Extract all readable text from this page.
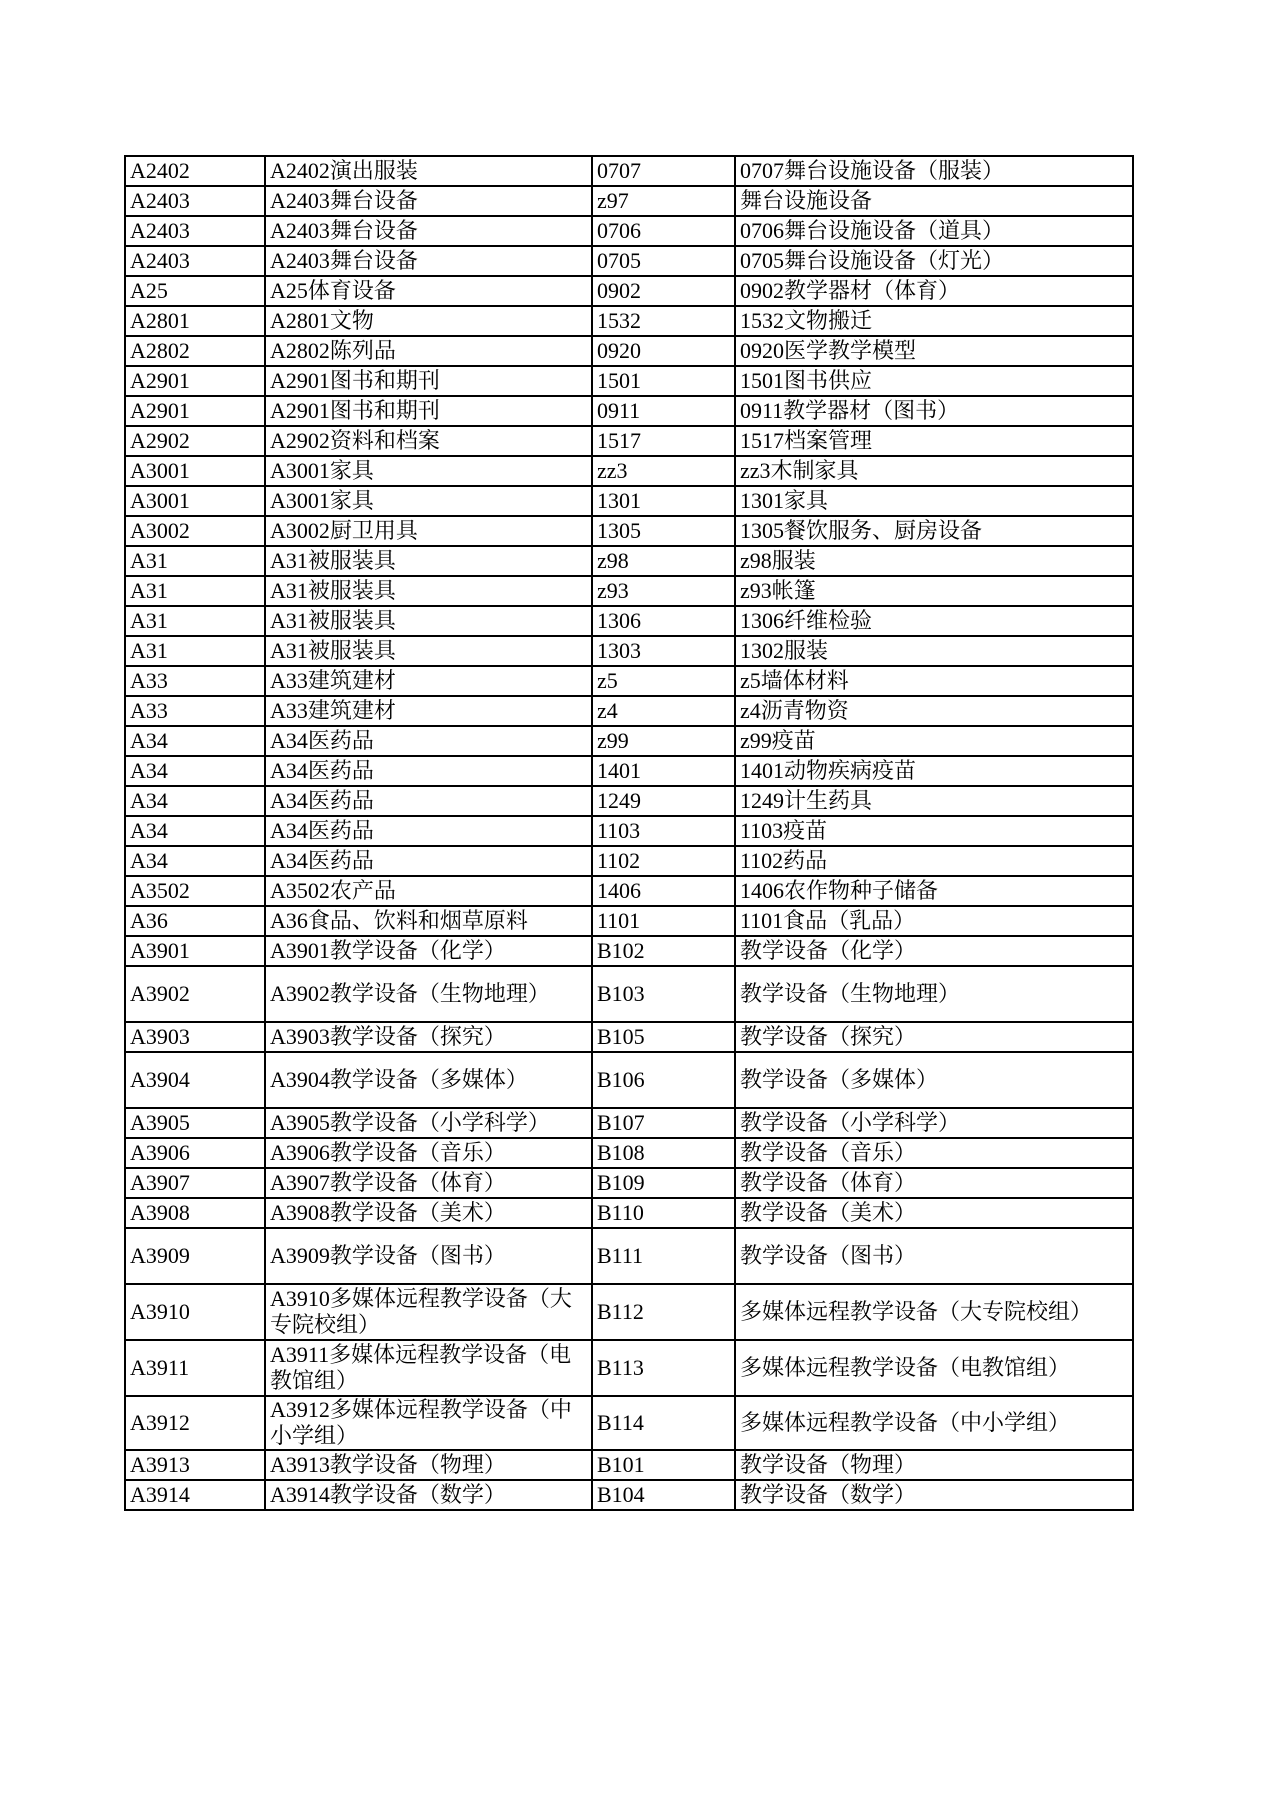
A2402	A2402演出服装	0707	0707舞台设施设备（服装）
A2403	A2403舞台设备	z97	舞台设施设备
A2403	A2403舞台设备	0706	0706舞台设施设备（道具）
A2403	A2403舞台设备	0705	0705舞台设施设备（灯光）
A25	A25体育设备	0902	0902教学器材（体育）
A2801	A2801文物	1532	1532文物搬迁
A2802	A2802陈列品	0920	0920医学教学模型
A2901	A2901图书和期刊	1501	1501图书供应
A2901	A2901图书和期刊	0911	0911教学器材（图书）
A2902	A2902资料和档案	1517	1517档案管理
A3001	A3001家具	zz3	zz3木制家具
A3001	A3001家具	1301	1301家具
A3002	A3002厨卫用具	1305	1305餐饮服务、厨房设备
A31	A31被服装具	z98	z98服装
A31	A31被服装具	z93	z93帐篷
A31	A31被服装具	1306	1306纤维检验
A31	A31被服装具	1303	1302服装
A33	A33建筑建材	z5	z5墙体材料
A33	A33建筑建材	z4	z4沥青物资
A34	A34医药品	z99	z99疫苗
A34	A34医药品	1401	1401动物疾病疫苗
A34	A34医药品	1249	1249计生药具
A34	A34医药品	1103	1103疫苗
A34	A34医药品	1102	1102药品
A3502	A3502农产品	1406	1406农作物种子储备
A36	A36食品、饮料和烟草原料	1101	1101食品（乳品）
A3901	A3901教学设备（化学）	B102	教学设备（化学）
A3902	A3902教学设备（生物地理）	B103	教学设备（生物地理）
A3903	A3903教学设备（探究）	B105	教学设备（探究）
A3904	A3904教学设备（多媒体）	B106	教学设备（多媒体）
A3905	A3905教学设备（小学科学）	B107	教学设备（小学科学）
A3906	A3906教学设备（音乐）	B108	教学设备（音乐）
A3907	A3907教学设备（体育）	B109	教学设备（体育）
A3908	A3908教学设备（美术）	B110	教学设备（美术）
A3909	A3909教学设备（图书）	B111	教学设备（图书）
A3910	A3910多媒体远程教学设备（大专院校组）	B112	多媒体远程教学设备（大专院校组）
A3911	A3911多媒体远程教学设备（电教馆组）	B113	多媒体远程教学设备（电教馆组）
A3912	A3912多媒体远程教学设备（中小学组）	B114	多媒体远程教学设备（中小学组）
A3913	A3913教学设备（物理）	B101	教学设备（物理）
A3914	A3914教学设备（数学）	B104	教学设备（数学）
